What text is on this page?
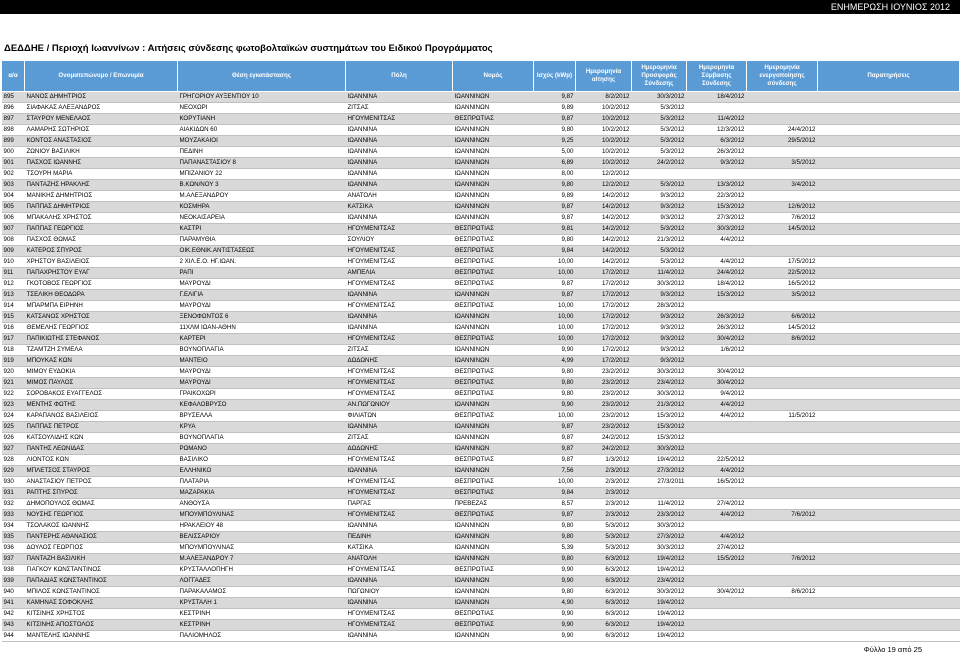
ΕΝΗΜΕΡΩΣΗ ΙΟΥΝΙΟΣ 2012
ΔΕΔΔΗΕ / Περιοχή Ιωαννίνων : Αιτήσεις σύνδεσης φωτοβολταϊκών συστημάτων του Ειδικού Προγράμματος
α/α	Ονοματεπώνυμο / Επωνυμία	Θέση εγκατάστασης	Πόλη	Νομός	Ισχύς (kWp)	Ημερομηνία αίτησης	Ημερομηνία Προσφοράς Σύνδεσης	Ημερομηνία Σύμβασης Σύνδεσης	Ημερομηνία ενεργοποίησης σύνδεσης	Παρατηρήσεις
895	ΝΑΝΟΣ ΔΗΜΗΤΡΙΟΣ	ΓΡΗΓΟΡΙΟΥ ΑΥΞΕΝΤΙΟΥ 10	ΙΩΑΝΝΙΝΑ	ΙΩΑΝΝΙΝΩΝ	9,87	8/2/2012	30/3/2012	18/4/2012		
896	ΣΙΑΦΑΚΑΣ ΑΛΕΞΑΝΔΡΟΣ	ΝΕΟΧΩΡΙ	ΖΙΤΣΑΣ	ΙΩΑΝΝΙΝΩΝ	9,89	10/2/2012	5/3/2012			
897	ΣΤΑΥΡΟΥ ΜΕΝΕΛΑΟΣ	ΚΟΡΥΤΙΑΝΗ	ΗΓΟΥΜΕΝΙΤΣΑΣ	ΘΕΣΠΡΩΤΙΑΣ	9,87	10/2/2012	5/3/2012	11/4/2012		
898	ΛΑΜΑΡΗΣ ΣΩΤΗΡΙΟΣ	ΑΙΑΚΙΔΩΝ 60	ΙΩΑΝΝΙΝΑ	ΙΩΑΝΝΙΝΩΝ	9,80	10/2/2012	5/3/2012	12/3/2012	24/4/2012	
899	ΚΟΝΤΟΣ ΑΝΑΣΤΑΣΙΟΣ	ΜΟΥΖΑΚΑΙΟΙ	ΙΩΑΝΝΙΝΑ	ΙΩΑΝΝΙΝΩΝ	9,25	10/2/2012	5/3/2012	6/3/2012	29/5/2012	
900	ΖΩΝΙΟΥ ΒΑΣΙΛΙΚΗ	ΠΕΔΙΝΗ	ΙΩΑΝΝΙΝΑ	ΙΩΑΝΝΙΝΩΝ	5,00	10/2/2012	5/3/2012	26/3/2012		
901	ΠΑΣΧΟΣ ΙΩΑΝΝΗΣ	ΠΑΠΑΝΑΣΤΑΣΙΟΥ 8	ΙΩΑΝΝΙΝΑ	ΙΩΑΝΝΙΝΩΝ	6,89	10/2/2012	24/2/2012	9/3/2012	3/5/2012	
902	ΤΣΟΥΡΗ ΜΑΡΙΑ	ΜΠΙΖΑΝΙΟΥ 22	ΙΩΑΝΝΙΝΑ	ΙΩΑΝΝΙΝΩΝ	8,00	12/2/2012				
903	ΠΑΝΤΑΖΗΣ ΗΡΑΚΛΗΣ	Β.ΚΩΝ/ΝΟΥ 3	ΙΩΑΝΝΙΝΑ	ΙΩΑΝΝΙΝΩΝ	9,80	12/2/2012	5/3/2012	13/3/2012	3/4/2012	
904	ΜΑΝΙΚΗΣ ΔΗΜΗΤΡΙΟΣ	Μ.ΑΛΕΞΑΝΔΡΟΥ	ΑΝΑΤΟΛΗ	ΙΩΑΝΝΙΝΩΝ	9,89	14/2/2012	9/3/2012	22/3/2012		
905	ΠΑΠΠΑΣ ΔΗΜΗΤΡΙΟΣ	ΚΟΣΜΗΡΑ	ΚΑΤΣΙΚΑ	ΙΩΑΝΝΙΝΩΝ	9,87	14/2/2012	9/3/2012	15/3/2012	12/6/2012	
906	ΜΠΑΚΑΛΗΣ ΧΡΗΣΤΟΣ	ΝΕΟΚΑΙΣΑΡΕΙΑ	ΙΩΑΝΝΙΝΑ	ΙΩΑΝΝΙΝΩΝ	9,87	14/2/2012	9/3/2012	27/3/2012	7/6/2012	
907	ΠΑΠΠΑΣ ΓΕΩΡΓΙΟΣ	ΚΑΣΤΡΙ	ΗΓΟΥΜΕΝΙΤΣΑΣ	ΘΕΣΠΡΩΤΙΑΣ	9,81	14/2/2012	5/3/2012	30/3/2012	14/5/2012	
908	ΠΑΣΧΟΣ ΘΩΜΑΣ	ΠΑΡΑΜΥΘΙΑ	ΣΟΥΛΙΟΥ	ΘΕΣΠΡΩΤΙΑΣ	9,80	14/2/2012	21/3/2012	4/4/2012		
909	ΚΑΤΕΡΟΣ ΣΠΥΡΟΣ	ΟΙΚ.ΕΘΝΙΚ.ΑΝΤΙΣΤΑΣΕΩΣ	ΗΓΟΥΜΕΝΙΤΣΑΣ	ΘΕΣΠΡΩΤΙΑΣ	9,84	14/2/2012	5/3/2012			
910	ΧΡΗΣΤΟΥ ΒΑΣΙΛΕΙΟΣ	2 ΧΙΛ.Ε.Ο. ΗΓ.ΙΩΑΝ.	ΗΓΟΥΜΕΝΙΤΣΑΣ	ΘΕΣΠΡΩΤΙΑΣ	10,00	14/2/2012	5/3/2012	4/4/2012	17/5/2012	
911	ΠΑΠΑΧΡΗΣΤΟΥ ΕΥΑΓ	ΡΑΠΙ	ΑΜΠΕΛΙΑ	ΘΕΣΠΡΩΤΙΑΣ	10,00	17/2/2012	11/4/2012	24/4/2012	22/5/2012	
912	ΓΚΟΤΟΒΟΣ ΓΕΩΡΓΙΟΣ	ΜΑΥΡΟΥΔΙ	ΗΓΟΥΜΕΝΙΤΣΑΣ	ΘΕΣΠΡΩΤΙΑΣ	9,87	17/2/2012	30/3/2012	18/4/2012	16/5/2012	
913	ΤΣΕΛΙΚΗ ΘΕΟΔΩΡΑ	Γ.ΕΛΙΓΙΑ	ΙΩΑΝΝΙΝΑ	ΙΩΑΝΝΙΝΩΝ	9,87	17/2/2012	9/3/2012	15/3/2012	3/5/2012	
914	ΜΠΑΡΜΠΑ ΕΙΡΗΝΗ	ΜΑΥΡΟΥΔΙ	ΗΓΟΥΜΕΝΙΤΣΑΣ	ΘΕΣΠΡΩΤΙΑΣ	10,00	17/2/2012	28/3/2012			
915	ΚΑΤΣΑΝΟΣ ΧΡΗΣΤΟΣ	ΞΕΝΟΦΩΝΤΟΣ 6	ΙΩΑΝΝΙΝΑ	ΙΩΑΝΝΙΝΩΝ	10,00	17/2/2012	9/3/2012	26/3/2012	6/6/2012	
916	ΘΕΜΕΛΗΣ ΓΕΩΡΓΙΟΣ	11ΧΛΜ ΙΩΑΝ-ΑΘΗΝ	ΙΩΑΝΝΙΝΑ	ΙΩΑΝΝΙΝΩΝ	10,00	17/2/2012	9/3/2012	26/3/2012	14/5/2012	
917	ΠΑΠΙΚΙΩΤΗΣ ΣΤΕΦΑΝΟΣ	ΚΑΡΤΕΡΙ	ΗΓΟΥΜΕΝΙΤΣΑΣ	ΘΕΣΠΡΩΤΙΑΣ	10,00	17/2/2012	9/3/2012	30/4/2012	8/6/2012	
918	ΤΖΑΜΤΖΗ ΣΥΜΕΛΑ	ΒΟΥΝΟΠΛΑΓΙΑ	ΖΙΤΣΑΣ	ΙΩΑΝΝΙΝΩΝ	9,90	17/2/2012	9/3/2012	1/6/2012		
919	ΜΠΟΥΚΑΣ ΚΩΝ	ΜΑΝΤΕΙΟ	ΔΩΔΩΝΗΣ	ΙΩΑΝΝΙΝΩΝ	4,99	17/2/2012	9/3/2012			
920	ΜΙΜΟΥ ΕΥΔΟΚΙΑ	ΜΑΥΡΟΥΔΙ	ΗΓΟΥΜΕΝΙΤΣΑΣ	ΘΕΣΠΡΩΤΙΑΣ	9,80	23/2/2012	30/3/2012	30/4/2012		
921	ΜΙΜΟΣ ΠΑΥΛΟΣ	ΜΑΥΡΟΥΔΙ	ΗΓΟΥΜΕΝΙΤΣΑΣ	ΘΕΣΠΡΩΤΙΑΣ	9,80	23/2/2012	23/4/2012	30/4/2012		
922	ΣΟΡΟΒΑΚΟΣ ΕΥΑΓΓΕΛΟΣ	ΓΡΑΙΚΟΧΩΡΙ	ΗΓΟΥΜΕΝΙΤΣΑΣ	ΘΕΣΠΡΩΤΙΑΣ	9,80	23/2/2012	30/3/2012	9/4/2012		
923	ΜΕΝΤΗΣ ΦΩΤΗΣ	ΚΕΦΑΛΟΒΡΥΣΟ	ΑΝ.ΠΩΓΩΝΙΟΥ	ΙΩΑΝΝΙΝΩΝ	9,90	23/2/2012	21/3/2012	4/4/2012		
924	ΚΑΡΑΠΑΝΟΣ ΒΑΣΙΛΕΙΟΣ	ΒΡΥΣΕΛΛΑ	ΦΙΛΙΑΤΩΝ	ΘΕΣΠΡΩΤΙΑΣ	10,00	23/2/2012	15/3/2012	4/4/2012	11/5/2012	
925	ΠΑΠΠΑΣ ΠΕΤΡΟΣ	ΚΡΥΑ	ΙΩΑΝΝΙΝΑ	ΙΩΑΝΝΙΝΩΝ	9,87	23/2/2012	15/3/2012			
926	ΚΑΤΣΟΥΛΙΔΗΣ ΚΩΝ	ΒΟΥΝΟΠΛΑΓΙΑ	ΖΙΤΣΑΣ	ΙΩΑΝΝΙΝΩΝ	9,87	24/2/2012	15/3/2012			
927	ΠΑΝΤΗΣ ΛΕΩΝΙΔΑΣ	ΡΩΜΑΝΟ	ΔΩΔΩΝΗΣ	ΙΩΑΝΝΙΝΩΝ	9,87	24/2/2012	30/3/2012			
928	ΛΙΟΝΤΟΣ ΚΩΝ	ΒΑΣΙΛΙΚΟ	ΗΓΟΥΜΕΝΙΤΣΑΣ	ΘΕΣΠΡΩΤΙΑΣ	9,87	1/3/2012	19/4/2012	22/5/2012		
929	ΜΠΛΕΤΣΟΣ ΣΤΑΥΡΟΣ	ΕΛΛΗΝΙΚΟ	ΙΩΑΝΝΙΝΑ	ΙΩΑΝΝΙΝΩΝ	7,56	2/3/2012	27/3/2012	4/4/2012		
930	ΑΝΑΣΤΑΣΙΟΥ ΠΕΤΡΟΣ	ΠΛΑΤΑΡΙΑ	ΗΓΟΥΜΕΝΙΤΣΑΣ	ΘΕΣΠΡΩΤΙΑΣ	10,00	2/3/2012	27/3/2011	16/5/2012		
931	ΡΑΠΤΗΣ ΣΠΥΡΟΣ	ΜΑΖΑΡΑΚΙΑ	ΗΓΟΥΜΕΝΙΤΣΑΣ	ΘΕΣΠΡΩΤΙΑΣ	9,84	2/3/2012				
932	ΔΗΜΟΠΟΥΛΟΣ ΘΩΜΑΣ	ΑΝΘΟΥΣΑ	ΠΑΡΓΑΣ	ΠΡΕΒΕΖΑΣ	8,57	2/3/2012	11/4/2012	27/4/2012		
933	ΝΟΥΣΗΣ ΓΕΩΡΓΙΟΣ	ΜΠΟΥΜΠΟΥΛΙΝΑΣ	ΗΓΟΥΜΕΝΙΤΣΑΣ	ΘΕΣΠΡΩΤΙΑΣ	9,87	2/3/2012	23/3/2012	4/4/2012	7/6/2012	
934	ΤΣΟΛΑΚΟΣ ΙΩΑΝΝΗΣ	ΗΡΑΚΛΕΙΟΥ 48	ΙΩΑΝΝΙΝΑ	ΙΩΑΝΝΙΝΩΝ	9,80	5/3/2012	30/3/2012			
935	ΠΑΝΤΕΡΗΣ ΑΘΑΝΑΣΙΟΣ	ΒΕΛΙΣΣΑΡΙΟΥ	ΠΕΔΙΝΗ	ΙΩΑΝΝΙΝΩΝ	9,80	5/3/2012	27/3/2012	4/4/2012		
936	ΔΟΥΛΟΣ ΓΕΩΡΓΙΟΣ	ΜΠΟΥΜΠΟΥΛΙΝΑΣ	ΚΑΤΣΙΚΑ	ΙΩΑΝΝΙΝΩΝ	5,39	5/3/2012	30/3/2012	27/4/2012		
937	ΠΑΝΤΑΖΗ ΒΑΣΙΛΙΚΗ	Μ.ΑΛΕΞΑΝΔΡΟΥ 7	ΑΝΑΤΟΛΗ	ΙΩΑΝΝΙΝΩΝ	9,80	6/3/2012	19/4/2012	15/5/2012	7/6/2012	
938	ΓΙΑΓΚΟΥ ΚΩΝΣΤΑΝΤΙΝΟΣ	ΚΡΥΣΤΑΛΛΟΠΗΓΗ	ΗΓΟΥΜΕΝΙΤΣΑΣ	ΘΕΣΠΡΩΤΙΑΣ	9,90	6/3/2012	19/4/2012			
939	ΠΑΠΑΔΙΑΣ ΚΩΝΣΤΑΝΤΙΝΟΣ	ΛΟΓΓΑΔΕΣ	ΙΩΑΝΝΙΝΑ	ΙΩΑΝΝΙΝΩΝ	9,90	6/3/2012	23/4/2012			
940	ΜΠΙΛΟΣ ΚΩΝΣΤΑΝΤΙΝΟΣ	ΠΑΡΑΚΑΛΑΜΟΣ	ΠΩΓΩΝΙΟΥ	ΙΩΑΝΝΙΝΩΝ	9,80	6/3/2012	30/3/2012	30/4/2012	8/6/2012	
941	ΚΑΜΗΝΑΣ ΣΟΦΟΚΛΗΣ	ΚΡΥΣΤΑΛΗ 1	ΙΩΑΝΝΙΝΑ	ΙΩΑΝΝΙΝΩΝ	4,90	6/3/2012	19/4/2012			
942	ΚΙΤΣΙΝΗΣ ΧΡΗΣΤΟΣ	ΚΕΣΤΡΙΝΗ	ΗΓΟΥΜΕΝΙΤΣΑΣ	ΘΕΣΠΡΩΤΙΑΣ	9,90	6/3/2012	19/4/2012			
943	ΚΙΤΣΙΝΗΣ ΑΠΟΣΤΟΛΟΣ	ΚΕΣΤΡΙΝΗ	ΗΓΟΥΜΕΝΙΤΣΑΣ	ΘΕΣΠΡΩΤΙΑΣ	9,90	6/3/2012	19/4/2012			
944	ΜΑΝΤΕΛΗΣ ΙΩΑΝΝΗΣ	ΠΑΛΙΟΜΗΛΟΣ	ΙΩΑΝΝΙΝΑ	ΙΩΑΝΝΙΝΩΝ	9,90	6/3/2012	19/4/2012			
Φύλλο 19 από 25
